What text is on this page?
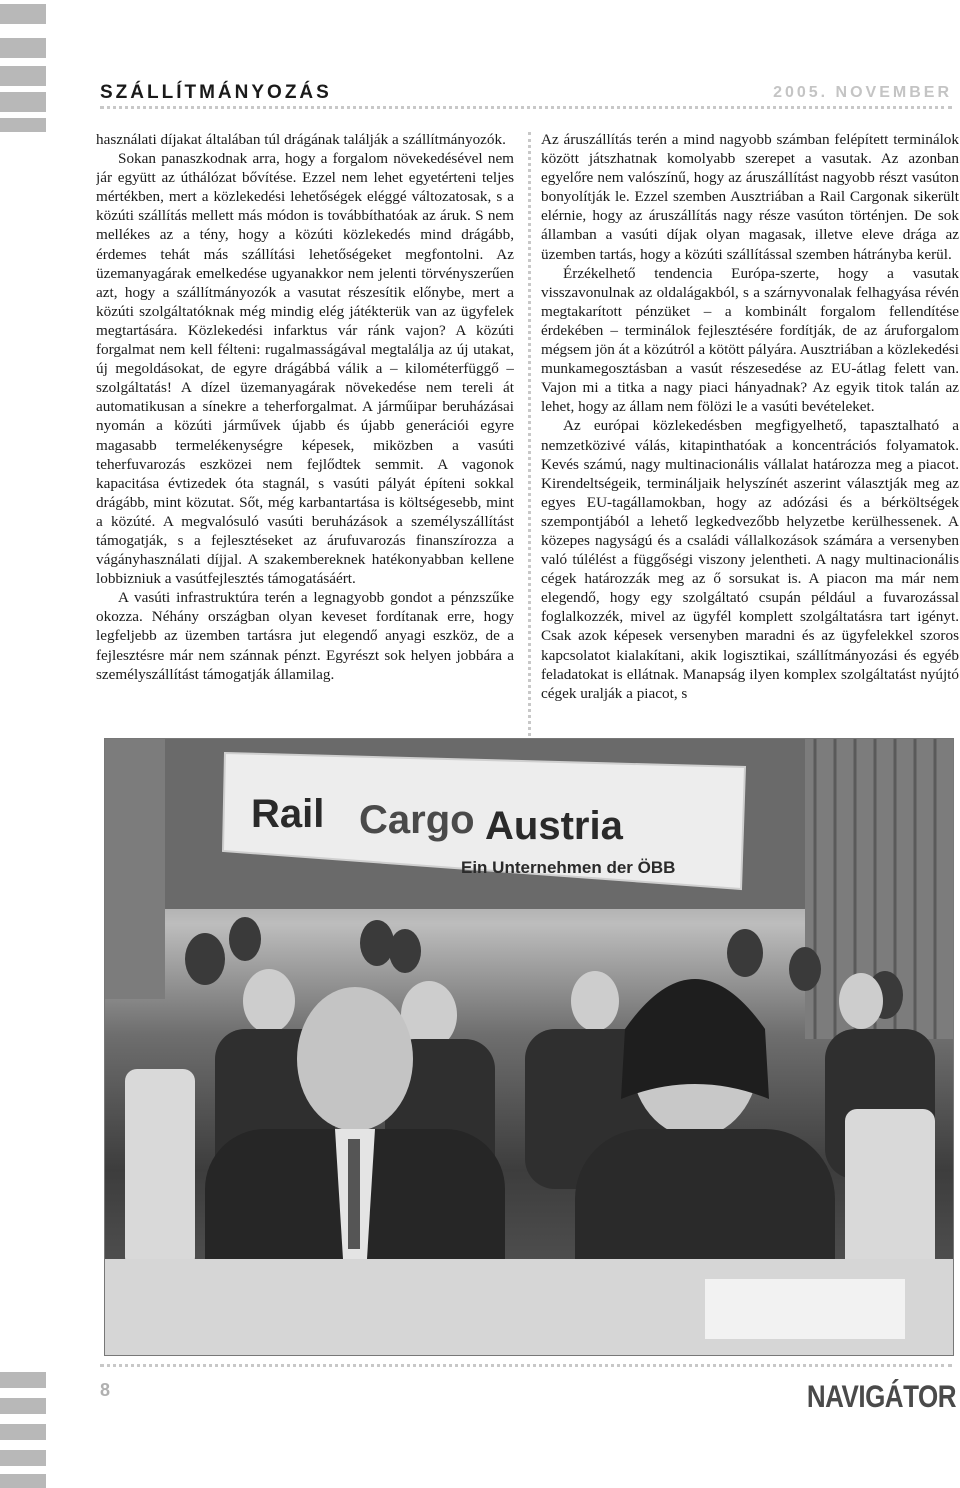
SZÁLLÍTMÁNYOZÁS	2005. NOVEMBER

használati díjakat általában túl drágának találják a szállítmányozók.

Sokan panaszkodnak arra, hogy a forgalom növekedésével nem jár együtt az úthálózat bővítése. Ezzel nem lehet egyetérteni teljes mértékben, mert a közlekedési lehetőségek eléggé változatosak, s a közúti szállítás mellett más módon is továbbíthatóak az áruk. S nem mellékes az a tény, hogy a közúti közlekedés mind drágább, érdemes tehát más szállítási lehetőségeket megfontolni. Az üzemanyagárak emelkedése ugyanakkor nem jelenti törvényszerűen azt, hogy a szállítmányozók a vasutat részesítik előnybe, mert a közúti szolgáltatóknak még mindig elég játékterük van az ügyfelek megtartására. Közlekedési infarktus vár ránk vajon? A közúti forgalmat nem kell félteni: rugalmasságával megtalálja az új utakat, új megoldásokat, de egyre drágábbá válik a – kilométerfüggő – szolgáltatás! A dízel üzemanyagárak növekedése nem tereli át automatikusan a sínekre a teherforgalmat. A járműipar beruházásai nyomán a közúti járművek újabb és újabb generációi egyre magasabb termelékenységre képesek, miközben a vasúti teherfuvarozás eszközei nem fejlődtek semmit. A vagonok kapacitása évtizedek óta stagnál, s vasúti pályát építeni sokkal drágább, mint közutat. Sőt, még karbantartása is költségesebb, mint a közúté. A megvalósuló vasúti beruházások a személyszállítást támogatják, s a fejlesztéseket az árufuvarozás finanszírozza a vágányhasználati díjjal. A szakembereknek hatékonyabban kellene lobbizniuk a vasútfejlesztés támogatásáért.

A vasúti infrastruktúra terén a legnagyobb gondot a pénzszűke okozza. Néhány országban olyan keveset fordítanak erre, hogy legfeljebb az üzemben tartásra jut elegendő anyagi eszköz, de a fejlesztésre már nem szánnak pénzt. Egyrészt sok helyen jobbára a személyszállítást támogatják államilag.

Az áruszállítás terén a mind nagyobb számban felépített terminálok között játszhatnak komolyabb szerepet a vasutak. Az azonban egyelőre nem valószínű, hogy az áruszállítást nagyobb részt vasúton bonyolítják le. Ezzel szemben Ausztriában a Rail Cargonak sikerült elérnie, hogy az áruszállítás nagy része vasúton történjen. De sok államban a vasúti díjak olyan magasak, illetve eleve drága az üzemben tartás, hogy a közúti szállítással szemben hátrányba kerül.

Érzékelhető tendencia Európa-szerte, hogy a vasutak visszavonulnak az oldalágakból, s a szárnyvonalak felhagyása révén megtakarított pénzüket – a kombinált forgalom fellendítése érdekében – terminálok fejlesztésére fordítják, de az áruforgalom mégsem jön át a közútról a kötött pályára. Ausztriában a közlekedési munkamegosztásban a vasút részesedése az EU-átlag felett van. Vajon mi a titka a nagy piaci hányadnak? Az egyik titok talán az lehet, hogy az állam nem fölözi le a vasúti bevételeket.

Az európai közlekedésben megfigyelhető, tapasztalható a nemzetközivé válás, kitapinthatóak a koncentrációs folyamatok. Kevés számú, nagy multinacionális vállalat határozza meg a piacot. Kirendeltségeik, termináljaik helyszínét aszerint választják meg az egyes EU-tagállamokban, hogy az adózási és a bérköltségek szempontjából a lehető legkedvezőbb helyzetbe kerülhessenek. A közepes nagyságú és a családi vállalkozások számára a versenyben való túlélést a függőségi viszony jelentheti. A nagy multinacionális cégek határozzák meg az ő sorsukat is. A piacon ma már nem elegendő, hogy egy szolgáltató csupán például a fuvarozással foglalkozzék, mivel az ügyfél komplett szolgáltatásra tart igényt. Csak azok képesek versenyben maradni és az ügyfelekkel szoros kapcsolatot kialakítani, akik logisztikai, szállítmányozási és egyéb feladatokat is ellátnak. Manapság ilyen komplex szolgáltatást nyújtó cégek uralják a piacot, s

Rail Cargo Austria
Ein Unternehmen der ÖBB
8	NAVIGÁTOR
